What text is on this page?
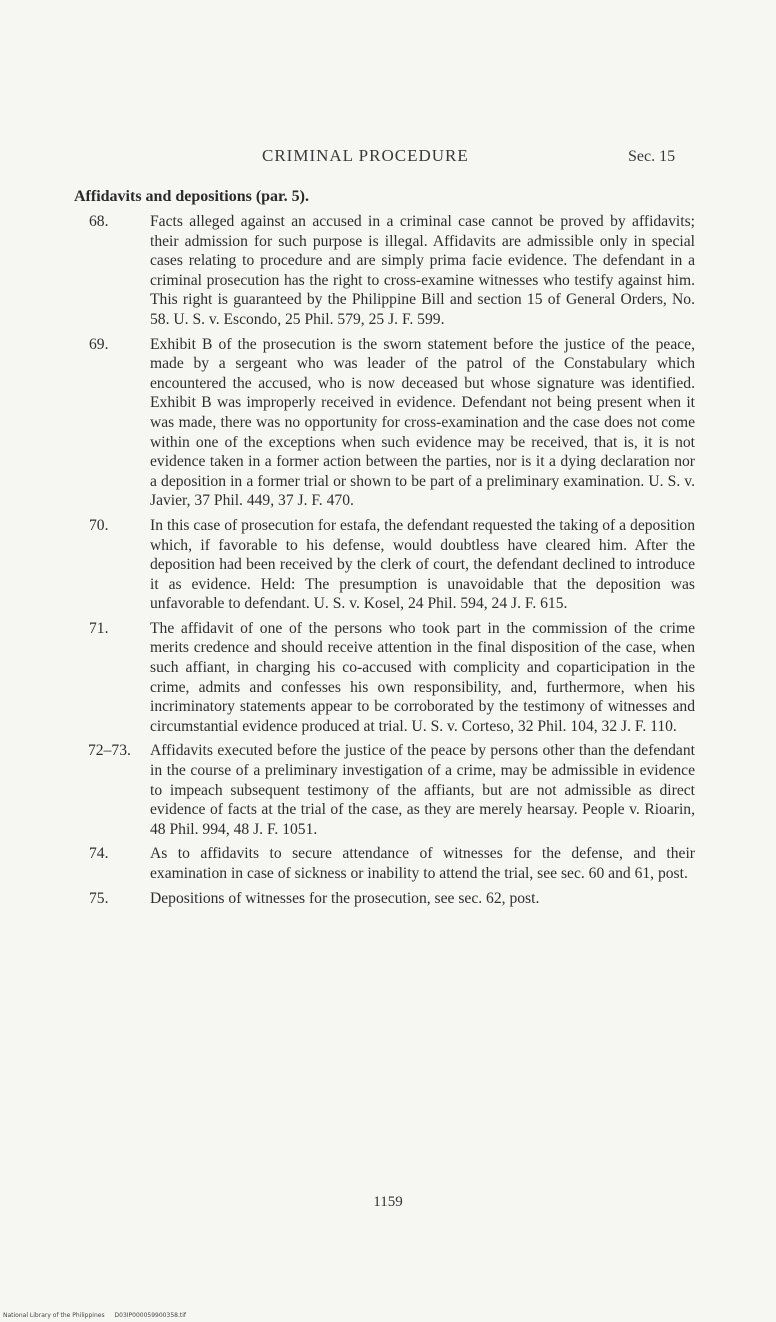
CRIMINAL PROCEDURE	Sec. 15
Affidavits and depositions (par. 5).
68.	Facts alleged against an accused in a criminal case cannot be proved by affidavits; their admission for such purpose is illegal. Affidavits are admissible only in special cases relating to procedure and are simply prima facie evidence. The defendant in a criminal prosecution has the right to cross-examine witnesses who testify against him. This right is guaranteed by the Philippine Bill and section 15 of General Orders, No. 58. U. S. v. Escondo, 25 Phil. 579, 25 J. F. 599.
69.	Exhibit B of the prosecution is the sworn statement before the justice of the peace, made by a sergeant who was leader of the patrol of the Constabulary which encountered the accused, who is now deceased but whose signature was identified. Exhibit B was improperly received in evidence. Defendant not being present when it was made, there was no opportunity for cross-examination and the case does not come within one of the exceptions when such evidence may be received, that is, it is not evidence taken in a former action between the parties, nor is it a dying declaration nor a deposition in a former trial or shown to be part of a preliminary examination. U. S. v. Javier, 37 Phil. 449, 37 J. F. 470.
70.	In this case of prosecution for estafa, the defendant requested the taking of a deposition which, if favorable to his defense, would doubtless have cleared him. After the deposition had been received by the clerk of court, the defendant declined to introduce it as evidence. Held: The presumption is unavoidable that the deposition was unfavorable to defendant. U. S. v. Kosel, 24 Phil. 594, 24 J. F. 615.
71.	The affidavit of one of the persons who took part in the commission of the crime merits credence and should receive attention in the final disposition of the case, when such affiant, in charging his co-accused with complicity and coparticipation in the crime, admits and confesses his own responsibility, and, furthermore, when his incriminatory statements appear to be corroborated by the testimony of witnesses and circumstantial evidence produced at trial. U. S. v. Corteso, 32 Phil. 104, 32 J. F. 110.
72–73. Affidavits executed before the justice of the peace by persons other than the defendant in the course of a preliminary investigation of a crime, may be admissible in evidence to impeach subsequent testimony of the affiants, but are not admissible as direct evidence of facts at the trial of the case, as they are merely hearsay. People v. Rioarin, 48 Phil. 994, 48 J. F. 1051.
74.	As to affidavits to secure attendance of witnesses for the defense, and their examination in case of sickness or inability to attend the trial, see sec. 60 and 61, post.
75.	Depositions of witnesses for the prosecution, see sec. 62, post.
1159
National Library of the Philippines D03IP000059900358.tif
